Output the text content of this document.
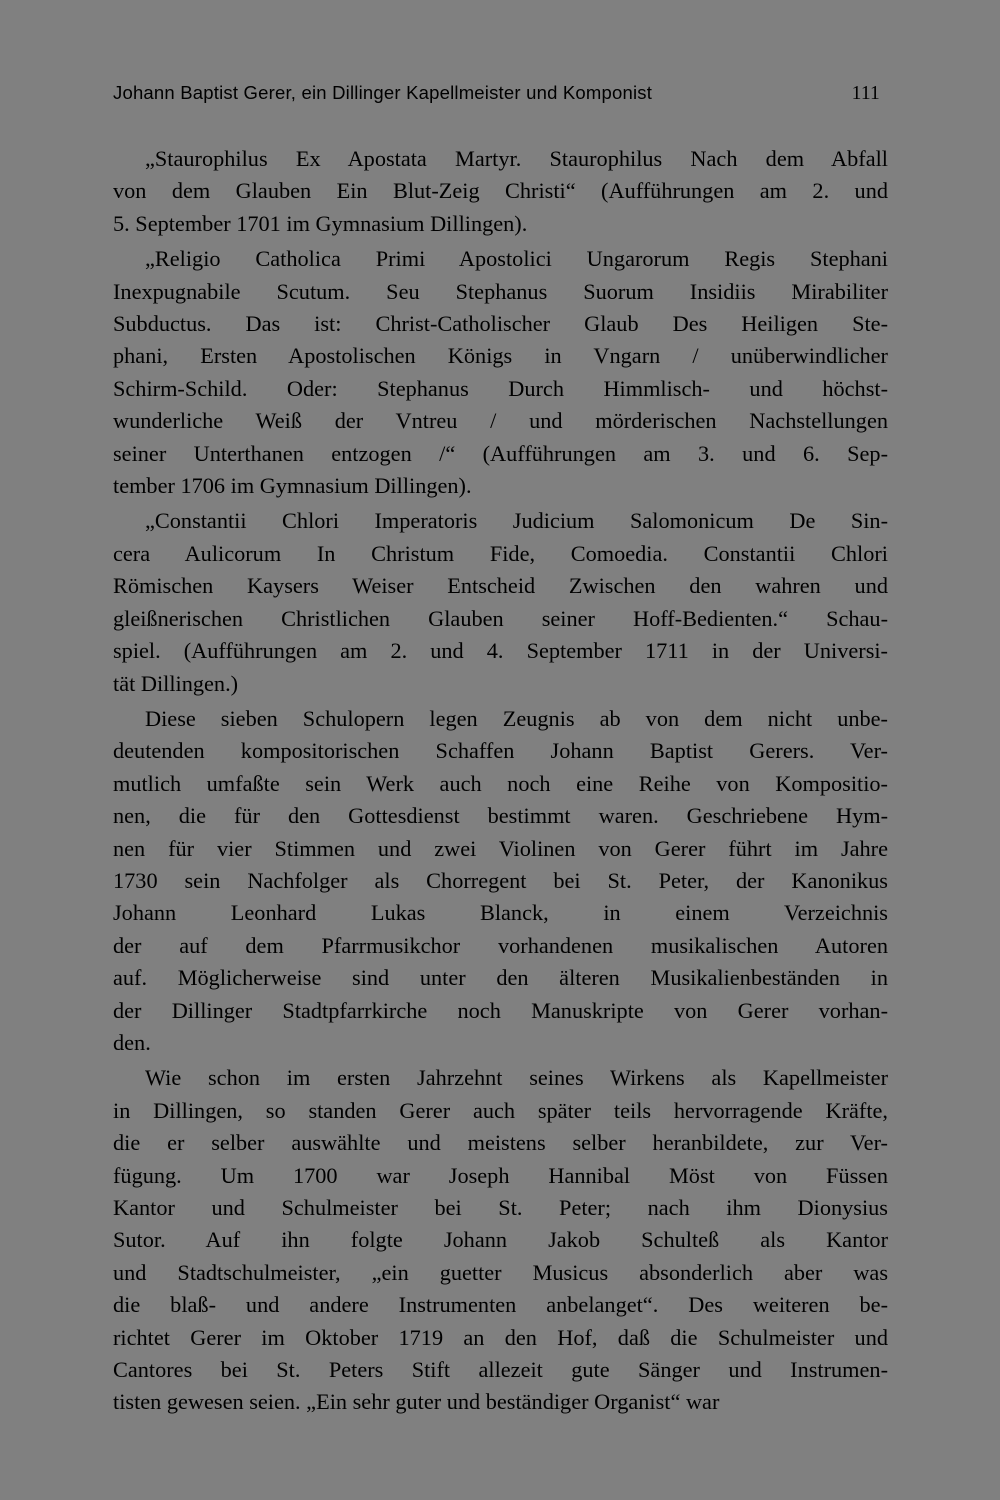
Johann Baptist Gerer, ein Dillinger Kapellmeister und Komponist	111
„Staurophilus Ex Apostata Martyr. Staurophilus Nach dem Abfall
von dem Glauben Ein Blut-Zeig Christi“ (Aufführungen am 2. und
5. September 1701 im Gymnasium Dillingen).
„Religio Catholica Primi Apostolici Ungarorum Regis Stephani
Inexpugnabile Scutum. Seu Stephanus Suorum Insidiis Mirabiliter
Subductus. Das ist: Christ-Catholischer Glaub Des Heiligen Ste-
phani, Ersten Apostolischen Königs in Vngarn / unüberwindlicher
Schirm-Schild. Oder: Stephanus Durch Himmlisch- und höchst-
wunderliche Weiß der Vntreu / und mörderischen Nachstellungen
seiner Unterthanen entzogen /“ (Aufführungen am 3. und 6. Sep-
tember 1706 im Gymnasium Dillingen).
„Constantii Chlori Imperatoris Judicium Salomonicum De Sin-
cera Aulicorum In Christum Fide, Comoedia. Constantii Chlori
Römischen Kaysers Weiser Entscheid Zwischen den wahren und
gleißnerischen Christlichen Glauben seiner Hoff-Bedienten.“ Schau-
spiel. (Aufführungen am 2. und 4. September 1711 in der Universi-
tät Dillingen.)
Diese sieben Schulopern legen Zeugnis ab von dem nicht unbe-
deutenden kompositorischen Schaffen Johann Baptist Gerers. Ver-
mutlich umfaßte sein Werk auch noch eine Reihe von Kompositio-
nen, die für den Gottesdienst bestimmt waren. Geschriebene Hym-
nen für vier Stimmen und zwei Violinen von Gerer führt im Jahre
1730 sein Nachfolger als Chorregent bei St. Peter, der Kanonikus
Johann Leonhard Lukas Blanck, in einem Verzeichnis
der auf dem Pfarrmusikchor vorhandenen musikalischen Autoren
auf. Möglicherweise sind unter den älteren Musikalienbeständen in
der Dillinger Stadtpfarrkirche noch Manuskripte von Gerer vorhan-
den.
Wie schon im ersten Jahrzehnt seines Wirkens als Kapellmeister
in Dillingen, so standen Gerer auch später teils hervorragende Kräfte,
die er selber auswählte und meistens selber heranbildete, zur Ver-
fügung. Um 1700 war Joseph Hannibal Möst von Füssen
Kantor und Schulmeister bei St. Peter; nach ihm Dionysius
Sutor. Auf ihn folgte Johann Jakob Schulteß als Kantor
und Stadtschulmeister, „ein guetter Musicus absonderlich aber was
die blaß- und andere Instrumenten anbelanget“. Des weiteren be-
richtet Gerer im Oktober 1719 an den Hof, daß die Schulmeister und
Cantores bei St. Peters Stift allezeit gute Sänger und Instrumen-
tisten gewesen seien. „Ein sehr guter und beständiger Organist“ war
